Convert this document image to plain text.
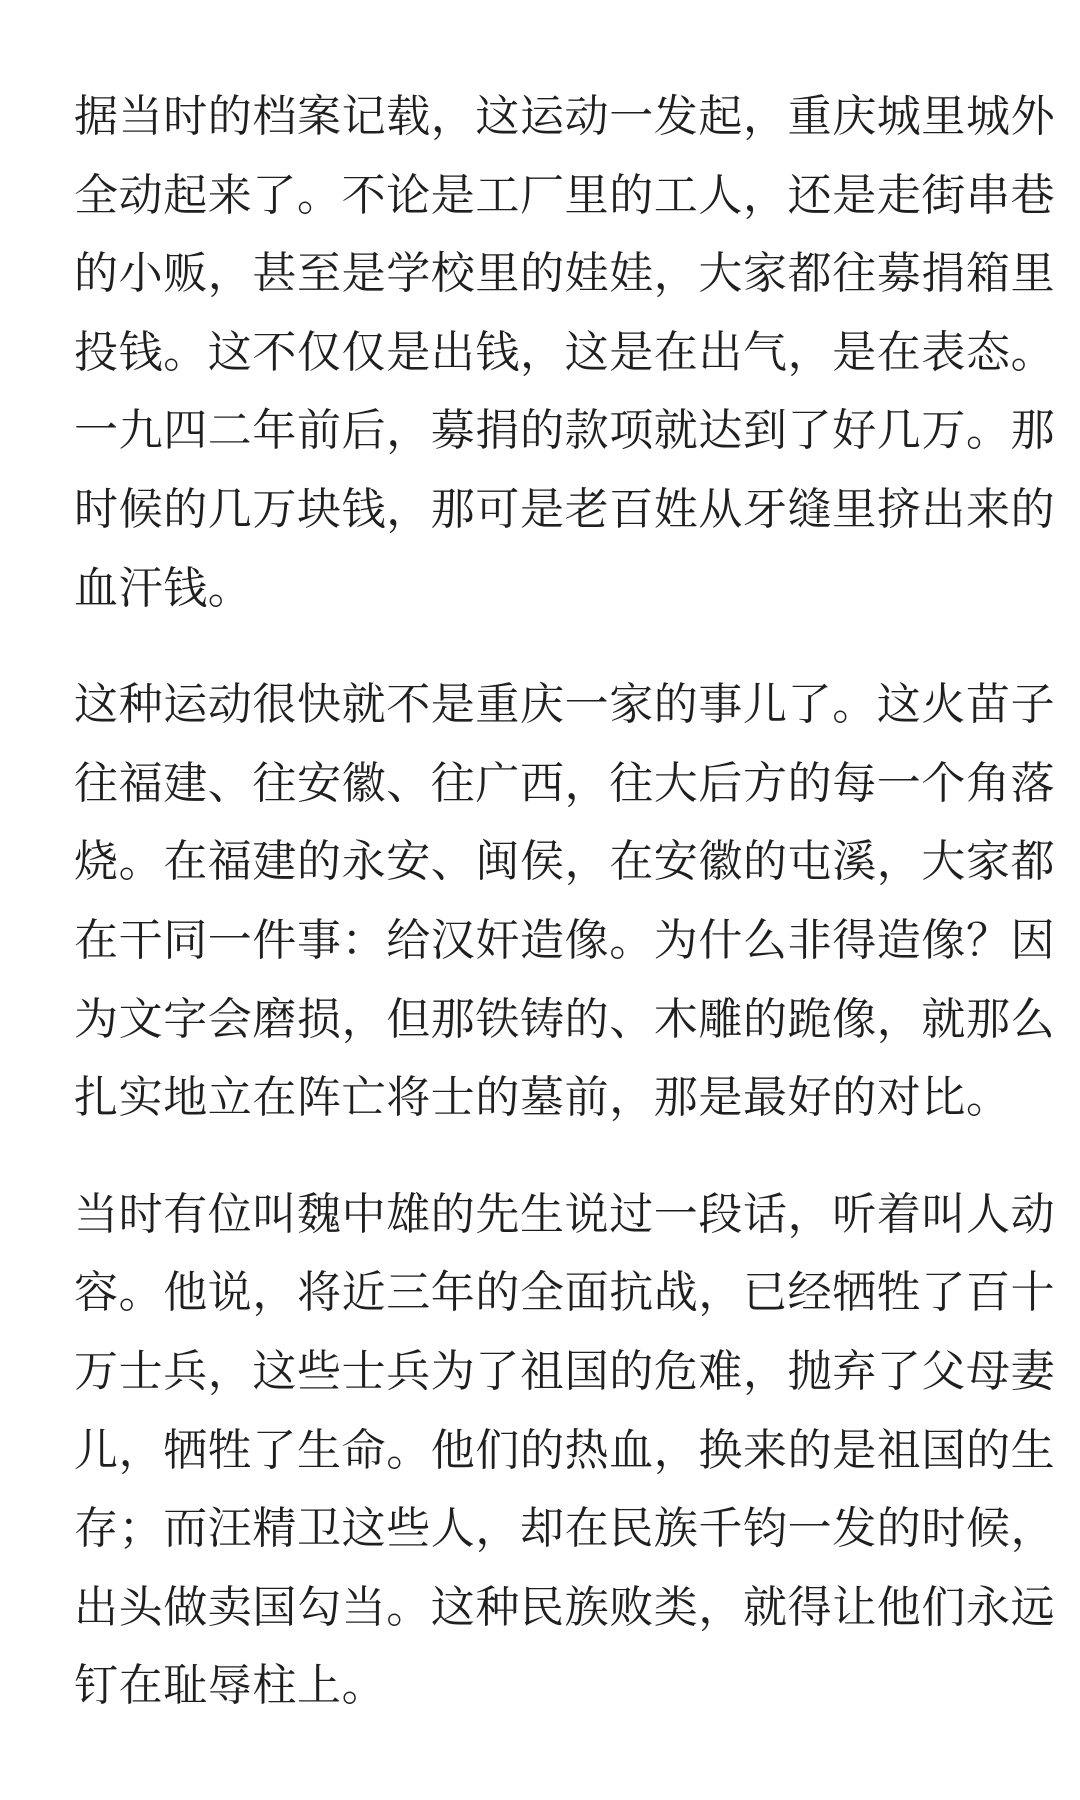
据当时的档案记载，这运动一发起，重庆城里城外
全动起来了。不论是工厂里的工人，还是走街串巷
的小贩，甚至是学校里的娃娃，大家都往募捐箱里
投钱。这不仅仅是出钱，这是在出气，是在表态。
一九四二年前后，募捐的款项就达到了好几万。那
时候的几万块钱，那可是老百姓从牙缝里挤出来的
血汗钱。

这种运动很快就不是重庆一家的事儿了。这火苗子
往福建、往安徽、往广西，往大后方的每一个角落
烧。在福建的永安、闽侯，在安徽的屯溪，大家都
在干同一件事：给汉奸造像。为什么非得造像？因
为文字会磨损，但那铁铸的、木雕的跪像，就那么
扎实地立在阵亡将士的墓前，那是最好的对比。

当时有位叫魏中雄的先生说过一段话，听着叫人动
容。他说，将近三年的全面抗战，已经牺牲了百十
万士兵，这些士兵为了祖国的危难，抛弃了父母妻
儿，牺牲了生命。他们的热血，换来的是祖国的生
存；而汪精卫这些人，却在民族千钧一发的时候，
出头做卖国勾当。这种民族败类，就得让他们永远
钉在耻辱柱上。
